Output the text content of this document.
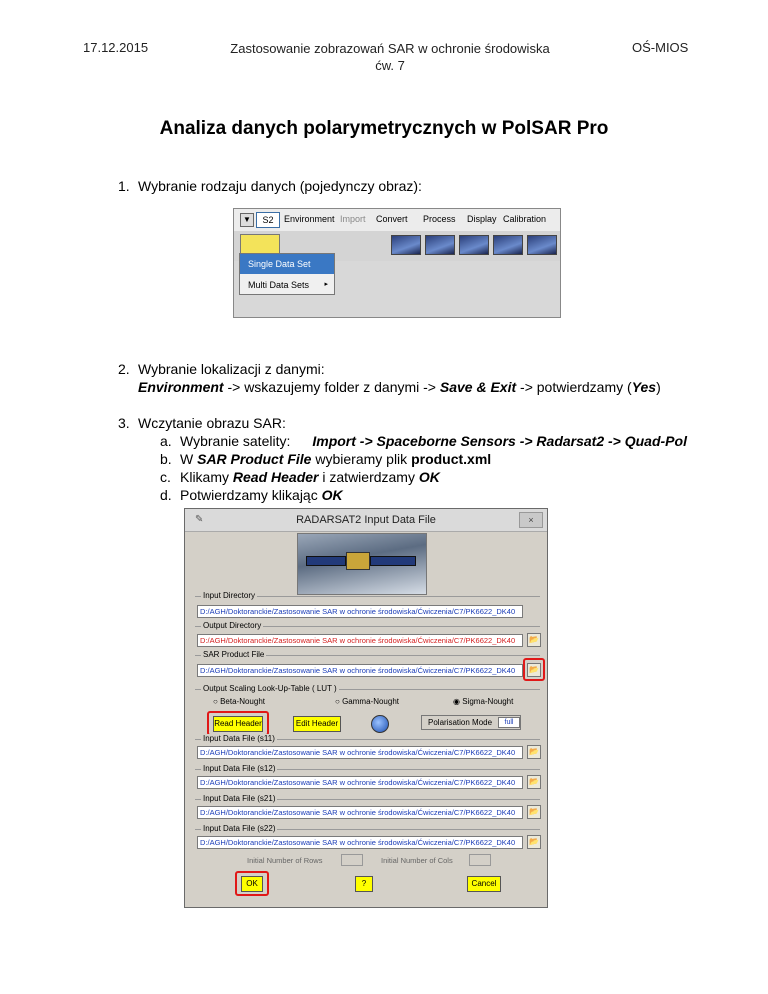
17.12.2015	Zastosowanie zobrazowań SAR w ochronie środowiska
ćw. 7
OŚ-MIOS
Analiza danych polarymetrycznych w PolSAR Pro
1. Wybranie rodzaju danych (pojedynczy obraz):
▼	S2	Environment Import Convert Process Display Calibration
Single Data Set
Multi Data Sets ▸
2. Wybranie lokalizacji z danymi:
Environment -> wskazujemy folder z danymi -> Save & Exit -> potwierdzamy (Yes)
3. Wczytanie obrazu SAR:
a. Wybranie satelity: Import -> Spaceborne Sensors -> Radarsat2 -> Quad-Pol
b. W SAR Product File wybieramy plik product.xml
c. Klikamy Read Header i zatwierdzamy OK
d. Potwierdzamy klikając OK
✎	RADARSAT2 Input Data File	×
Input Directory
D:/AGH/Doktoranckie/Zastosowanie SAR w ochronie środowiska/Ćwiczenia/C7/PK6622_DK40
Output Directory
D:/AGH/Doktoranckie/Zastosowanie SAR w ochronie środowiska/Ćwiczenia/C7/PK6622_DK40	📂
SAR Product File
D:/AGH/Doktoranckie/Zastosowanie SAR w ochronie środowiska/Ćwiczenia/C7/PK6622_DK40	📂
Output Scaling Look-Up-Table ( LUT )
○ Beta-Nought	○ Gamma-Nought	◉ Sigma-Nought
Read Header	Edit Header	Polarisation Mode	full
Input Data File (s11)
D:/AGH/Doktoranckie/Zastosowanie SAR w ochronie środowiska/Ćwiczenia/C7/PK6622_DK40	📂
Input Data File (s12)
D:/AGH/Doktoranckie/Zastosowanie SAR w ochronie środowiska/Ćwiczenia/C7/PK6622_DK40	📂
Input Data File (s21)
D:/AGH/Doktoranckie/Zastosowanie SAR w ochronie środowiska/Ćwiczenia/C7/PK6622_DK40	📂
Input Data File (s22)
D:/AGH/Doktoranckie/Zastosowanie SAR w ochronie środowiska/Ćwiczenia/C7/PK6622_DK40	📂
Initial Number of Rows	Initial Number of Cols
OK	?	Cancel
